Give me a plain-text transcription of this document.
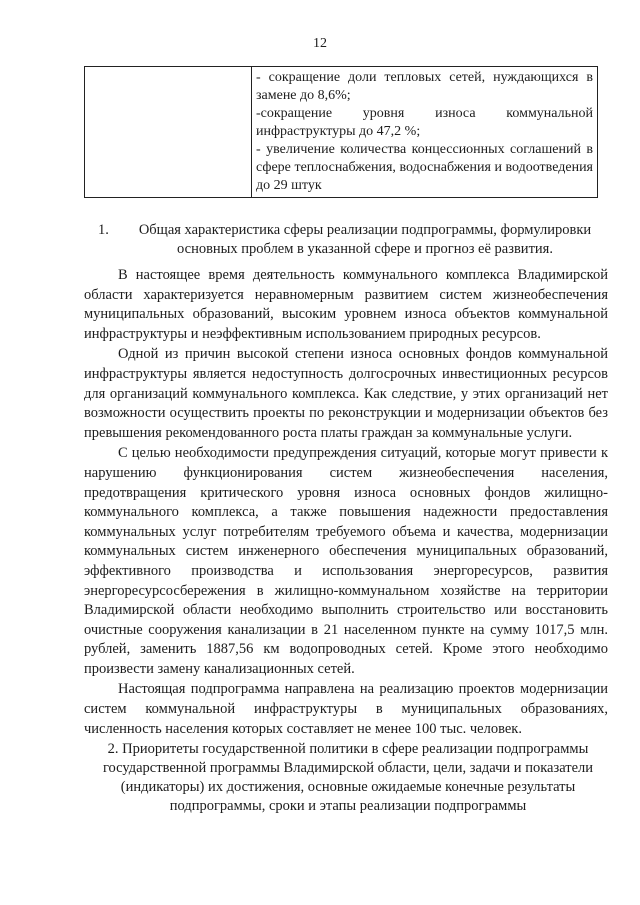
12

- сокращение доли тепловых сетей, нуждающихся в замене до 8,6%;
-сокращение уровня износа коммунальной инфраструктуры до 47,2 %;
- увеличение количества концессионных соглашений в сфере теплоснабжения, водоснабжения и водоотведения до 29 штук
1.	Общая характеристика сферы реализации подпрограммы, формулировки основных проблем в указанной сфере и прогноз её развития.

В настоящее время деятельность коммунального комплекса Владимирской области характеризуется неравномерным развитием систем жизнеобеспечения муниципальных образований, высоким уровнем износа объектов коммунальной инфраструктуры и неэффективным использованием природных ресурсов.

Одной из причин высокой степени износа основных фондов коммунальной инфраструктуры является недоступность долгосрочных инвестиционных ресурсов для организаций коммунального комплекса. Как следствие, у этих организаций нет возможности осуществить проекты по реконструкции и модернизации объектов без превышения рекомендованного роста платы граждан за коммунальные услуги.

С целью необходимости предупреждения ситуаций, которые могут привести к нарушению функционирования систем жизнеобеспечения населения, предотвращения критического уровня износа основных фондов жилищно-коммунального комплекса, а также повышения надежности предоставления коммунальных услуг потребителям требуемого объема и качества, модернизации коммунальных систем инженерного обеспечения муниципальных образований, эффективного производства и использования энергоресурсов, развития энергоресурсосбережения в жилищно-коммунальном хозяйстве на территории Владимирской области необходимо выполнить строительство или восстановить очистные сооружения канализации в 21 населенном пункте на сумму 1017,5 млн. рублей, заменить 1887,56 км водопроводных сетей. Кроме этого необходимо произвести замену канализационных сетей.

Настоящая подпрограмма направлена на реализацию проектов модернизации систем коммунальной инфраструктуры в муниципальных образованиях, численность населения которых составляет не менее 100 тыс. человек.

2. Приоритеты государственной политики в сфере реализации подпрограммы государственной программы Владимирской области, цели, задачи и показатели (индикаторы) их достижения, основные ожидаемые конечные результаты подпрограммы, сроки и этапы реализации подпрограммы
